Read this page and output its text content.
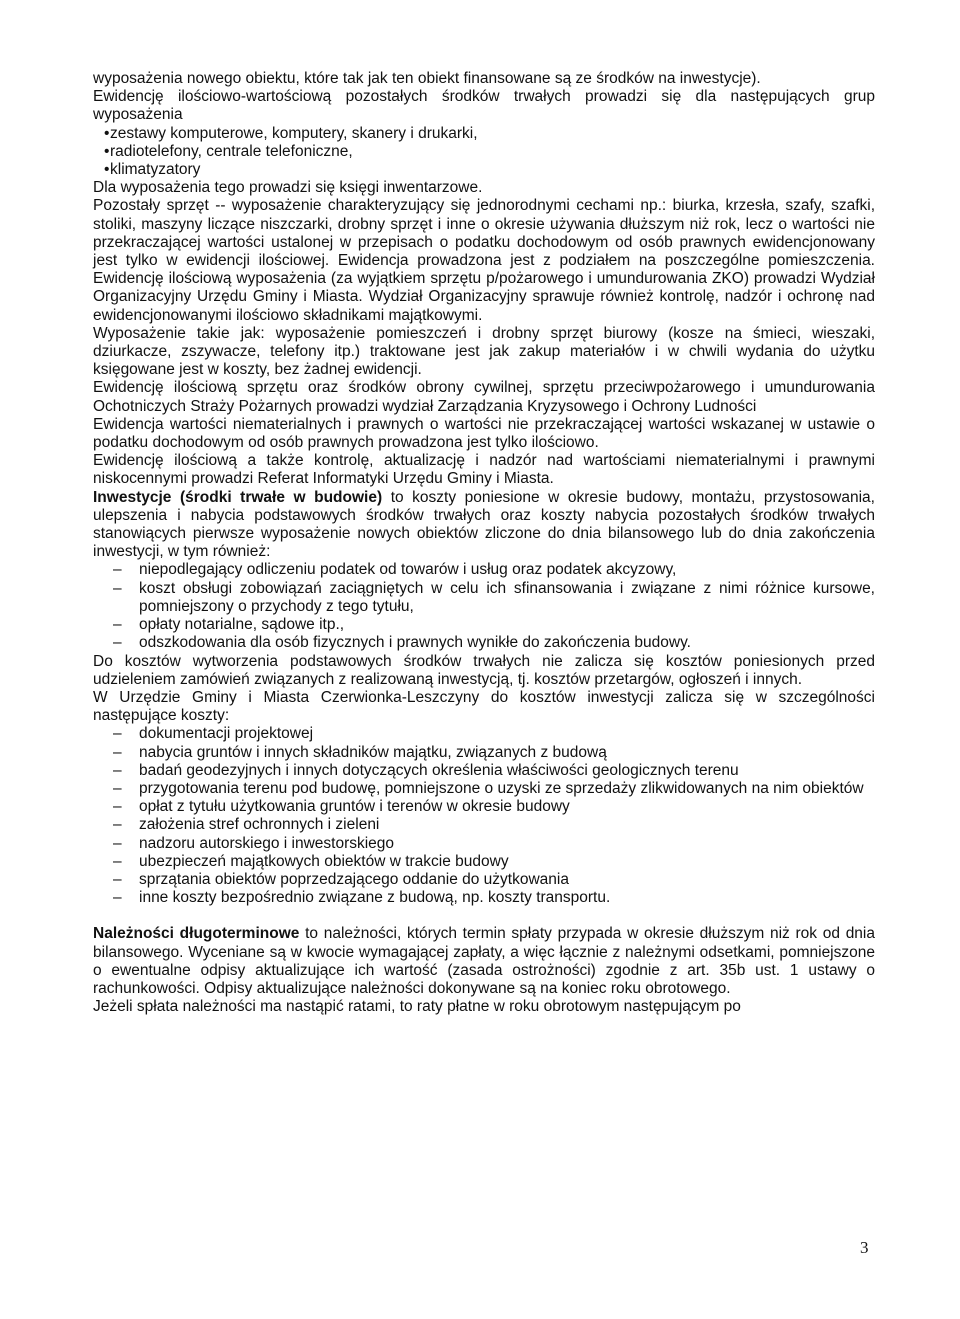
wyposażenia nowego obiektu, które tak jak ten obiekt finansowane są ze środków na inwestycje).

Ewidencję ilościowo-wartościową pozostałych środków trwałych prowadzi się dla następujących grup wyposażenia

• zestawy komputerowe, komputery, skanery i drukarki,
• radiotelefony, centrale telefoniczne,
• klimatyzatory

Dla wyposażenia tego prowadzi się księgi inwentarzowe.

Pozostały sprzęt -- wyposażenie charakteryzujący się jednorodnymi cechami np.: biurka, krzesła, szafy, szafki, stoliki, maszyny liczące niszczarki, drobny sprzęt i inne o okresie używania dłuższym niż rok, lecz o wartości nie przekraczającej wartości ustalonej w przepisach o podatku dochodowym od osób prawnych ewidencjonowany jest tylko w ewidencji ilościowej. Ewidencja prowadzona jest z podziałem na poszczególne pomieszczenia. Ewidencję ilościową wyposażenia (za wyjątkiem sprzętu p/pożarowego i umundurowania ZKO) prowadzi Wydział Organizacyjny Urzędu Gminy i Miasta. Wydział Organizacyjny sprawuje również kontrolę, nadzór i ochronę nad ewidencjonowanymi ilościowo składnikami majątkowymi.

Wyposażenie takie jak: wyposażenie pomieszczeń i drobny sprzęt biurowy (kosze na śmieci, wieszaki, dziurkacze, zszywacze, telefony itp.) traktowane jest jak zakup materiałów i w chwili wydania do użytku księgowane jest w koszty, bez żadnej ewidencji.

Ewidencję ilościową sprzętu oraz środków obrony cywilnej, sprzętu przeciwpożarowego i umundurowania Ochotniczych Straży Pożarnych prowadzi wydział Zarządzania Kryzysowego i Ochrony Ludności

Ewidencja wartości niematerialnych i prawnych o wartości nie przekraczającej wartości wskazanej w ustawie o podatku dochodowym od osób prawnych prowadzona jest tylko ilościowo.

Ewidencję ilościową a także kontrolę, aktualizację i nadzór nad wartościami niematerialnymi i prawnymi niskocennymi prowadzi Referat Informatyki Urzędu Gminy i Miasta.

Inwestycje (środki trwałe w budowie) to koszty poniesione w okresie budowy, montażu, przystosowania, ulepszenia i nabycia podstawowych środków trwałych oraz koszty nabycia pozostałych środków trwałych stanowiących pierwsze wyposażenie nowych obiektów zliczone do dnia bilansowego lub do dnia zakończenia inwestycji, w tym również:

– niepodlegający odliczeniu podatek od towarów i usług oraz podatek akcyzowy,
– koszt obsługi zobowiązań zaciągniętych w celu ich sfinansowania i związane z nimi różnice kursowe, pomniejszony o przychody z tego tytułu,
– opłaty notarialne, sądowe itp.,
– odszkodowania dla osób fizycznych i prawnych wynikłe do zakończenia budowy.

Do kosztów wytworzenia podstawowych środków trwałych nie zalicza się kosztów poniesionych przed udzieleniem zamówień związanych z realizowaną inwestycją, tj. kosztów przetargów, ogłoszeń i innych.

W Urzędzie Gminy i Miasta Czerwionka-Leszczyny do kosztów inwestycji zalicza się w szczególności następujące koszty:

– dokumentacji projektowej
– nabycia gruntów i innych składników majątku, związanych z budową
– badań geodezyjnych i innych dotyczących określenia właściwości geologicznych terenu
– przygotowania terenu pod budowę, pomniejszone o uzyski ze sprzedaży zlikwidowanych na nim obiektów
– opłat z tytułu użytkowania gruntów i terenów w okresie budowy
– założenia stref ochronnych i zieleni
– nadzoru autorskiego i inwestorskiego
– ubezpieczeń majątkowych obiektów w trakcie budowy
– sprzątania obiektów poprzedzającego oddanie do użytkowania
– inne koszty bezpośrednio związane z budową, np. koszty transportu.

Należności długoterminowe to należności, których termin spłaty przypada w okresie dłuższym niż rok od dnia bilansowego. Wyceniane są w kwocie wymagającej zapłaty, a więc łącznie z należnymi odsetkami, pomniejszone o ewentualne odpisy aktualizujące ich wartość (zasada ostrożności) zgodnie z art. 35b ust. 1 ustawy o rachunkowości. Odpisy aktualizujące należności dokonywane są na koniec roku obrotowego.

Jeżeli spłata należności ma nastąpić ratami, to raty płatne w roku obrotowym następującym po

3
